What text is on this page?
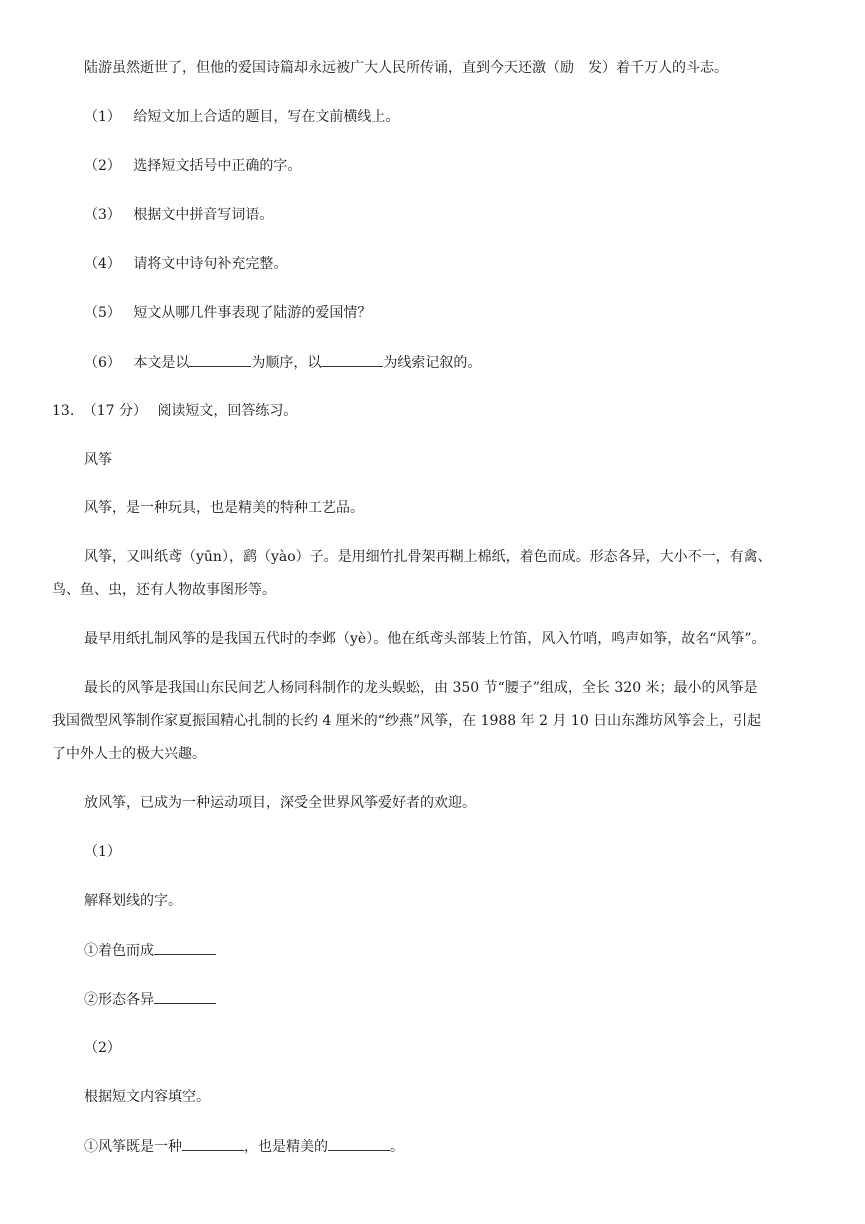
陆游虽然逝世了，但他的爱国诗篇却永远被广大人民所传诵，直到今天还激（励　发）着千万人的斗志。
（1） 给短文加上合适的题目，写在文前横线上。
（2） 选择短文括号中正确的字。
（3） 根据文中拼音写词语。
（4） 请将文中诗句补充完整。
（5） 短文从哪几件事表现了陆游的爱国情？
（6） 本文是以	为顺序，以	为线索记叙的。
13. （17 分） 阅读短文，回答练习。
风筝
风筝，是一种玩具，也是精美的特种工艺品。
风筝，又叫纸鸢（yūn），鹞（yào）子。是用细竹扎骨架再糊上棉纸，着色而成。形态各异，大小不一，有禽、
鸟、鱼、虫，还有人物故事图形等。
最早用纸扎制风筝的是我国五代时的李邺（yè）。他在纸鸢头部装上竹笛，风入竹哨，鸣声如筝，故名“风筝”。
最长的风筝是我国山东民间艺人杨同科制作的龙头蜈蚣，由 350 节“腰子”组成，全长 320 米；最小的风筝是
我国微型风筝制作家夏振国精心扎制的长约 4 厘米的“纱燕”风筝，在 1988 年 2 月 10 日山东潍坊风筝会上，引起
了中外人士的极大兴趣。
放风筝，已成为一种运动项目，深受全世界风筝爱好者的欢迎。
（1）
解释划线的字。
①着色而成
②形态各异
（2）
根据短文内容填空。
①风筝既是一种	，也是精美的	。
